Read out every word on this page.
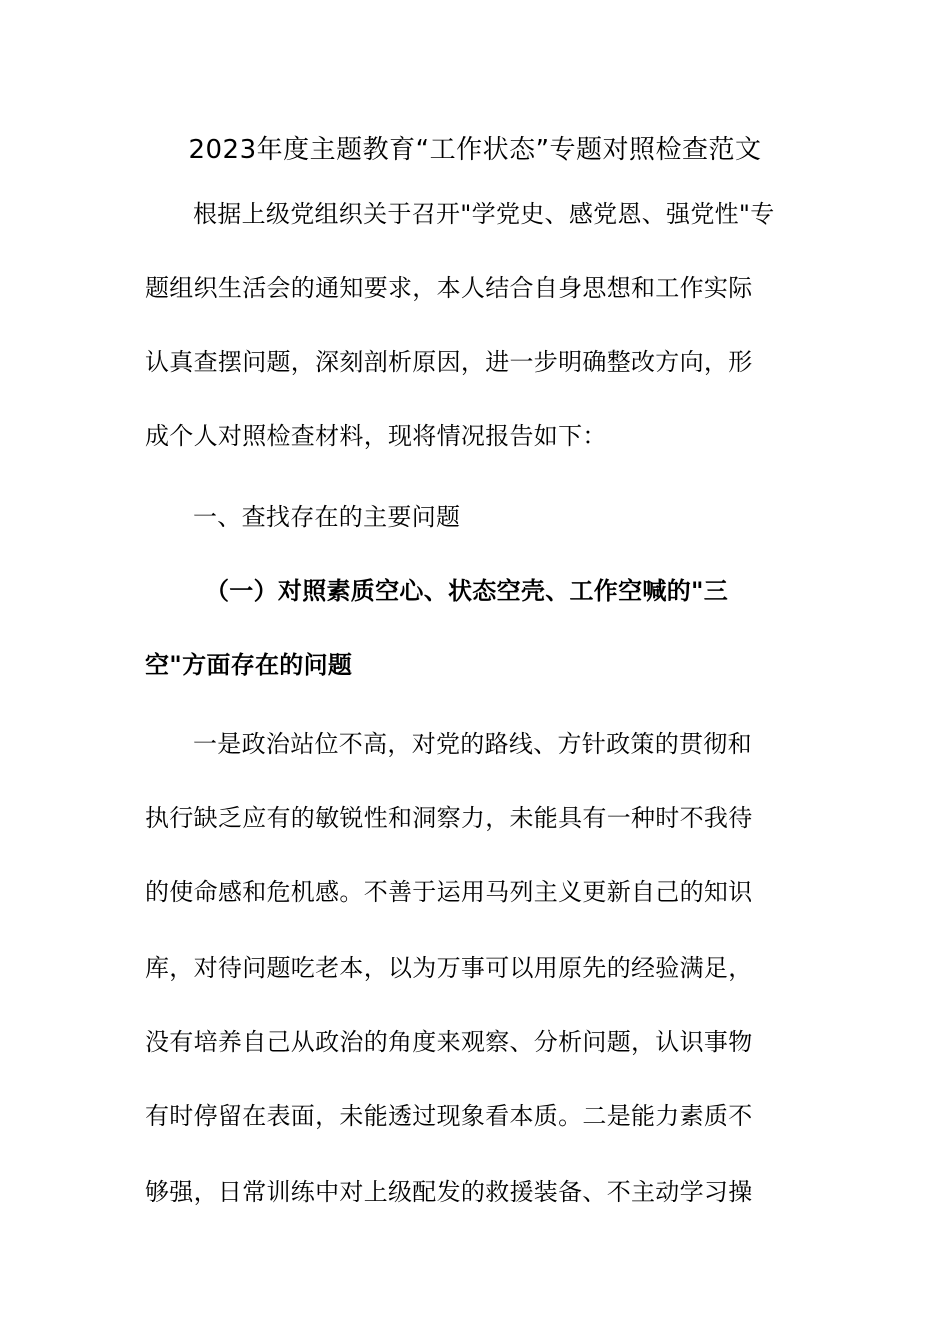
2023年度主题教育“工作状态”专题对照检查范文
根据上级党组织关于召开"学党史、感党恩、强党性"专
题组织生活会的通知要求，本人结合自身思想和工作实际
认真查摆问题，深刻剖析原因，进一步明确整改方向，形
成个人对照检查材料，现将情况报告如下：
一、查找存在的主要问题
（一）对照素质空心、状态空壳、工作空喊的"三
空"方面存在的问题
一是政治站位不高，对党的路线、方针政策的贯彻和
执行缺乏应有的敏锐性和洞察力，未能具有一种时不我待
的使命感和危机感。不善于运用马列主义更新自己的知识
库，对待问题吃老本，以为万事可以用原先的经验满足，
没有培养自己从政治的角度来观察、分析问题，认识事物
有时停留在表面，未能透过现象看本质。二是能力素质不
够强，日常训练中对上级配发的救援装备、不主动学习操
